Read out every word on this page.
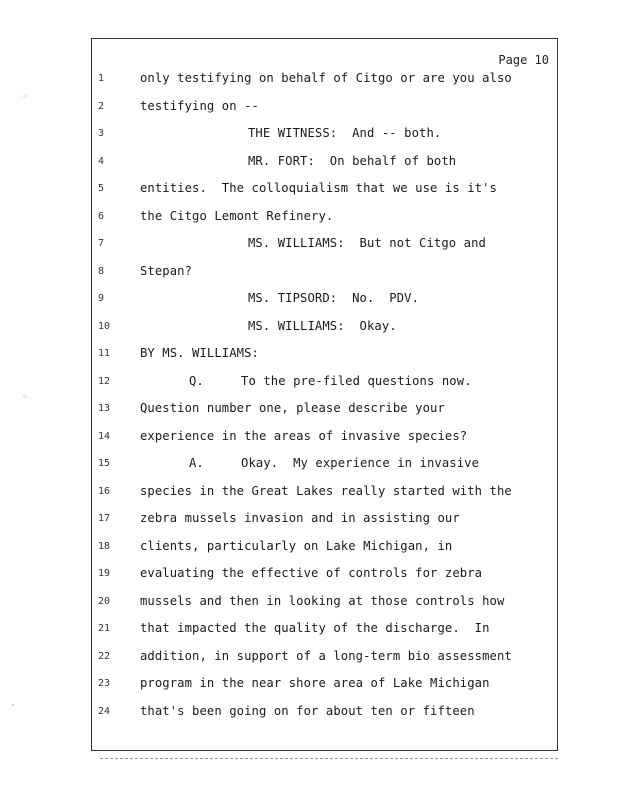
Page 10
1	only testifying on behalf of Citgo or are you also
2	testifying on --
3	THE WITNESS:  And -- both.
4	MR. FORT:  On behalf of both
5	entities.  The colloquialism that we use is it's
6	the Citgo Lemont Refinery.
7	MS. WILLIAMS:  But not Citgo and
8	Stepan?
9	MS. TIPSORD:  No.  PDV.
10	MS. WILLIAMS:  Okay.
11	BY MS. WILLIAMS:
12	Q.     To the pre-filed questions now.
13	Question number one, please describe your
14	experience in the areas of invasive species?
15	A.     Okay.  My experience in invasive
16	species in the Great Lakes really started with the
17	zebra mussels invasion and in assisting our
18	clients, particularly on Lake Michigan, in
19	evaluating the effective of controls for zebra
20	mussels and then in looking at those controls how
21	that impacted the quality of the discharge.  In
22	addition, in support of a long-term bio assessment
23	program in the near shore area of Lake Michigan
24	that's been going on for about ten or fifteen
◦
◦
·
